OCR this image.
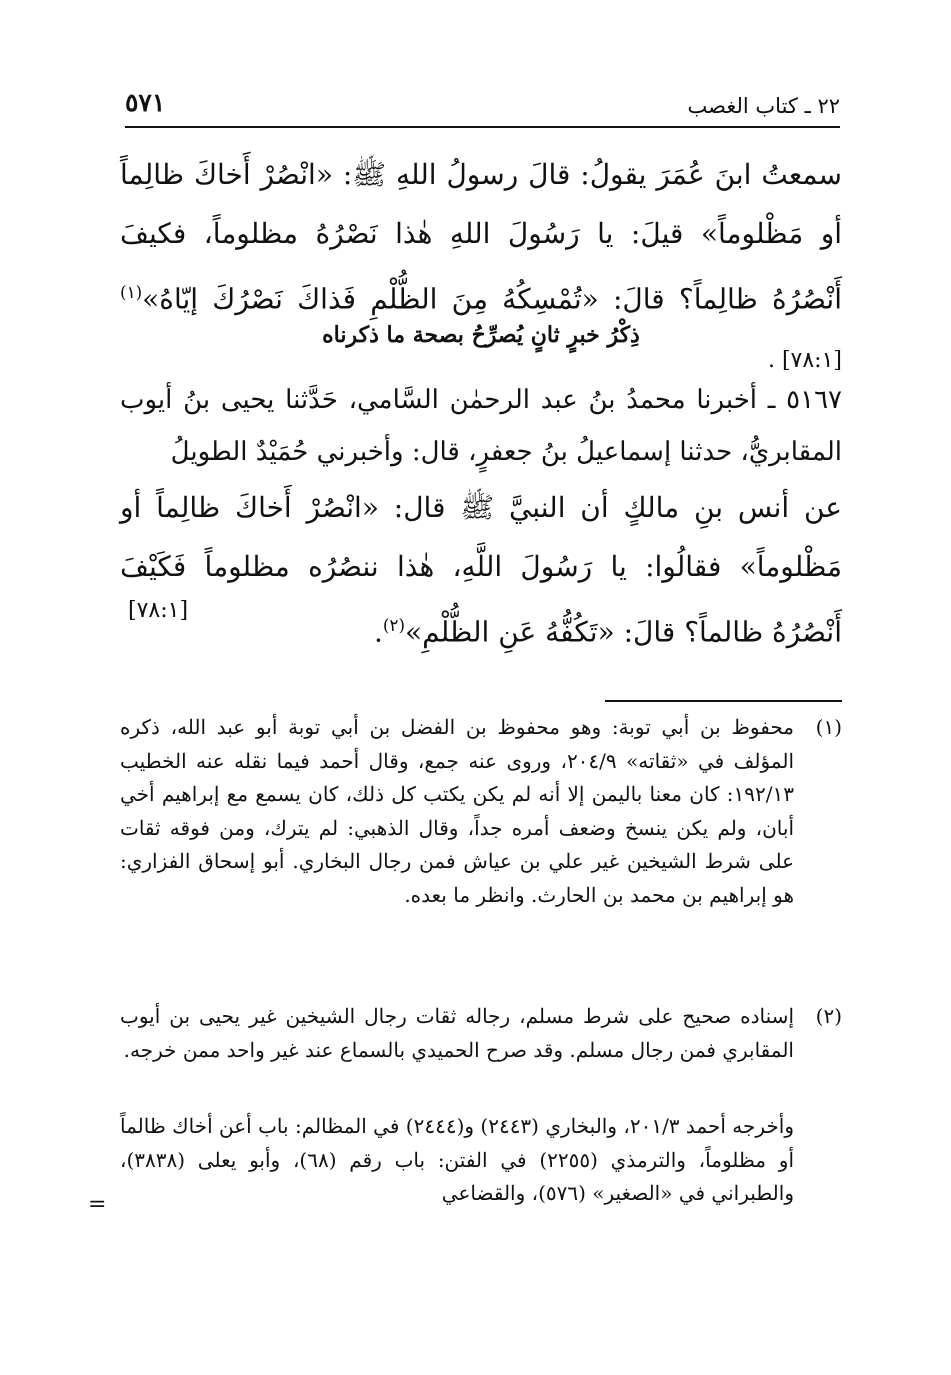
٢٢ ـ كتاب الغصب
٥٧١
سمعتُ ابنَ عُمَرَ يقولُ: قالَ رسولُ اللهِ ﷺ: «انْصُرْ أَخاكَ ظالِماً أو مَظْلوماً» قيلَ: يا رَسُولَ اللهِ هٰذا نَصْرُهُ مظلوماً، فكيفَ أَنْصُرُهُ ظالِماً؟ قالَ: «تُمْسِكُهُ مِنَ الظُّلْمِ فَذاكَ نَصْرُكَ إيّاهُ»$^{(١)}$. [٧٨:١]
ذِكْرُ خبرٍ ثانٍ يُصرِّحُ بصحة ما ذكرناه
٥١٦٧ ـ أخبرنا محمدُ بنُ عبد الرحمٰن السَّامي، حَدَّثنا يحيى بنُ أيوب المقابريُّ، حدثنا إسماعيلُ بنُ جعفرٍ، قال: وأخبرني حُمَيْدٌ الطويلُ
عن أنس بنِ مالكٍ أن النبيَّ ﷺ قال: «انْصُرْ أَخاكَ ظالِماً أو مَظْلوماً» فقالُوا: يا رَسُولَ اللَّهِ، هٰذا ننصُرُه مظلوماً فَكَيْفَ أَنْصُرُهُ ظالماً؟ قالَ: «تَكُفُّهُ عَنِ الظُّلْمِ»$^{(٢)}$.
[٧٨:١]
(١)
محفوظ بن أبي توبة: وهو محفوظ بن الفضل بن أبي توبة أبو عبد الله، ذكره المؤلف في «ثقاته» ٢٠٤/٩، وروى عنه جمع، وقال أحمد فيما نقله عنه الخطيب ١٩٢/١٣: كان معنا باليمن إلا أنه لم يكن يكتب كل ذلك، كان يسمع مع إبراهيم أخي أبان، ولم يكن ينسخ وضعف أمره جداً، وقال الذهبي: لم يترك، ومن فوقه ثقات على شرط الشيخين غير علي بن عياش فمن رجال البخاري. أبو إسحاق الفزاري: هو إبراهيم بن محمد بن الحارث. وانظر ما بعده.
(٢)
إسناده صحيح على شرط مسلم، رجاله ثقات رجال الشيخين غير يحيى بن أيوب المقابري فمن رجال مسلم. وقد صرح الحميدي بالسماع عند غير واحد ممن خرجه.
وأخرجه أحمد ٢٠١/٣، والبخاري (٢٤٤٣) و(٢٤٤٤) في المظالم: باب أعن أخاك ظالماً أو مظلوماً، والترمذي (٢٢٥٥) في الفتن: باب رقم (٦٨)، وأبو يعلى (٣٨٣٨)، والطبراني في «الصغير» (٥٧٦)، والقضاعي
=
